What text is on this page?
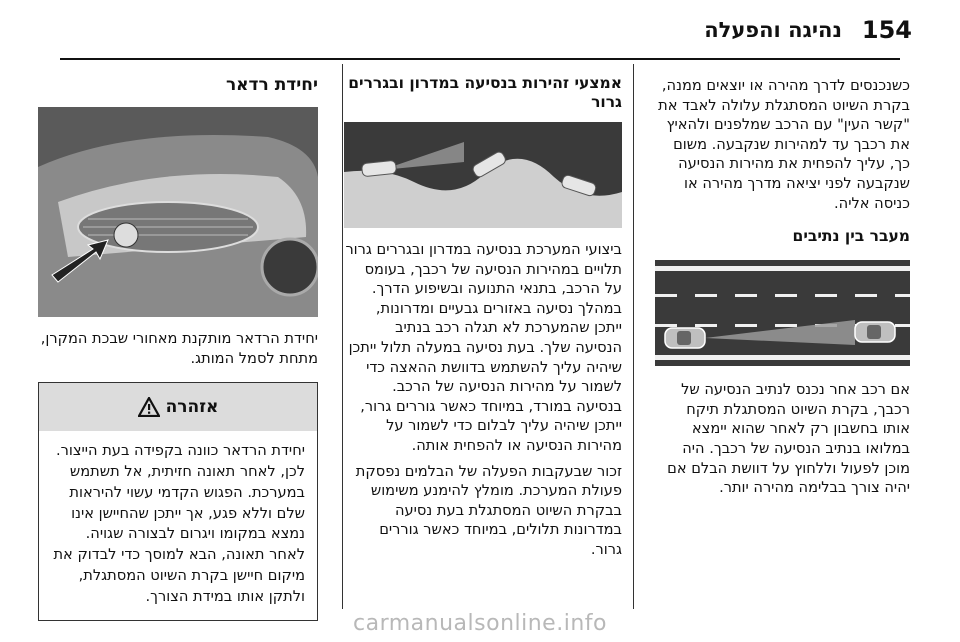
154
נהיגה והפעלה

כשנכנסים לדרך מהירה או יוצאים ממנה, בקרת השיוט המסתגלת עלולה לאבד את "קשר העין" עם הרכב שמלפנים ולהאיץ את רכבך עד למהירות שנקבעה. משום כך, עליך להפחית את מהירות הנסיעה שנקבעה לפני יציאה מדרך מהירה או כניסה אליה.

מעבר בין נתיבים

אם רכב אחר נכנס לנתיב הנסיעה של רכבך, בקרת השיוט המסתגלת תיקח אותו בחשבון רק לאחר שהוא יימצא במלואו בנתיב הנסיעה של רכבך. היה מוכן לפעול וללחוץ על דוושת הבלם אם יהיה צורך בבלימה מהירה יותר.

אמצעי זהירות בנסיעה במדרון ובגררים גרור

ביצועי המערכת בנסיעה במדרון ובגררים גרור תלויים במהירות הנסיעה של רכבך, בעומס על הרכב, בתנאי התנועה ובשיפוע הדרך. במהלך נסיעה באזורים גבעיים ומדרונות, ייתכן שהמערכת לא תגלה רכב בנתיב הנסיעה שלך. בעת נסיעה במעלה תלול ייתכן שיהיה עליך להשתמש בדוושת ההאצה כדי לשמור על מהירות הנסיעה של הרכב. בנסיעה במורד, במיוחד כאשר גוררים גרור, ייתכן שיהיה עליך לבלום כדי לשמור על מהירות הנסיעה או להפחית אותה.

זכור שבעקבות הפעלה של הבלמים נפסקת פעולת המערכת. מומלץ להימנע משימוש בבקרת השיוט המסתגלת בעת נסיעה במדרונות תלולים, במיוחד כאשר גוררים גרור.

יחידת רדאר

יחידת הרדאר מותקנת מאחורי שבכת המקרן, מתחת לסמל המותג.

אזהרה

יחידת הרדאר כוונה בקפידה בעת הייצור. לכן, לאחר תאונה חזיתית, אל תשתמש במערכת. הפגוש הקדמי עשוי להיראות שלם וללא פגע, אך ייתכן שהחיישן אינו נמצא במקומו ויגרום לבצורה שגויה. לאחר תאונה, הבא למוסך כדי לבדוק את מיקום חיישן בקרת השיוט המסתגלת, ולתקן אותו במידת הצורך.

carmanualsonline.info
